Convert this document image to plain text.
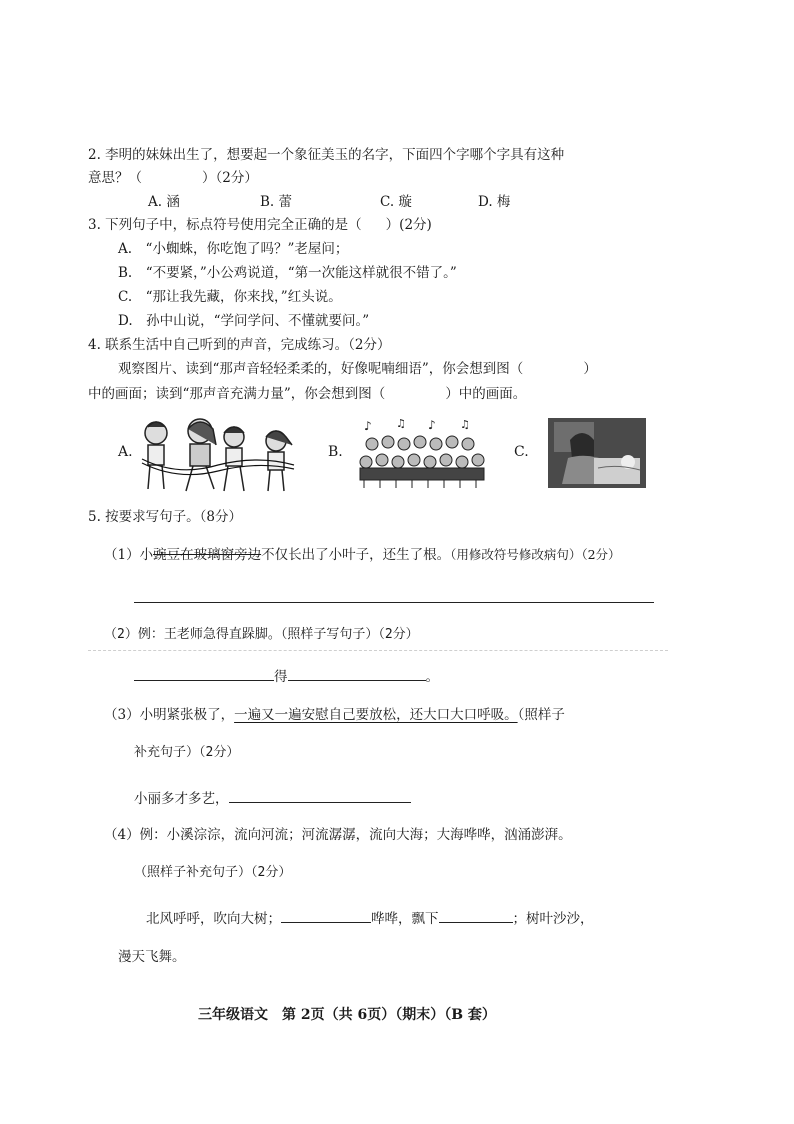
2. 李明的妹妹出生了，想要起一个象征美玉的名字，下面四个字哪个字具有这种
意思？（	）（2分）
A. 涵	B. 蕾	C. 璇	D. 梅
3. 下列句子中，标点符号使用完全正确的是（ ）(2分)
A.　“小蜘蛛，你吃饱了吗？”老屋问；
B.　“不要紧，”小公鸡说道，“第一次能这样就很不错了。”
C.　“那让我先藏，你来找，”红头说。
D.　孙中山说，“学问学问、不懂就要问。”
4. 联系生活中自己听到的声音，完成练习。（2分）
观察图片、读到“那声音轻轻柔柔的，好像呢喃细语”，你会想到图（	）
中的画面；读到“那声音充满力量”，你会想到图（	）中的画面。
A.	B.
♪ ♫ ♪ ♫
C.
5. 按要求写句子。（8分）
（1）小豌豆在玻璃窗旁边不仅长出了小叶子，还生了根。（用修改符号修改病句）（2分）
（2）例：王老师急得直跺脚。（照样子写句子）（2分）
得	。
（3）小明紧张极了，一遍又一遍安慰自己要放松，还大口大口呼吸。（照样子
补充句子）（2分）
小丽多才多艺，
（4）例：小溪淙淙，流向河流；河流潺潺，流向大海；大海哗哗，汹涌澎湃。
（照样子补充句子）（2分）
北风呼呼，吹向大树；	哗哗，飘下	；树叶沙沙，
漫天飞舞。
三年级语文　第 2页（共 6页）（期末）（B 套）
